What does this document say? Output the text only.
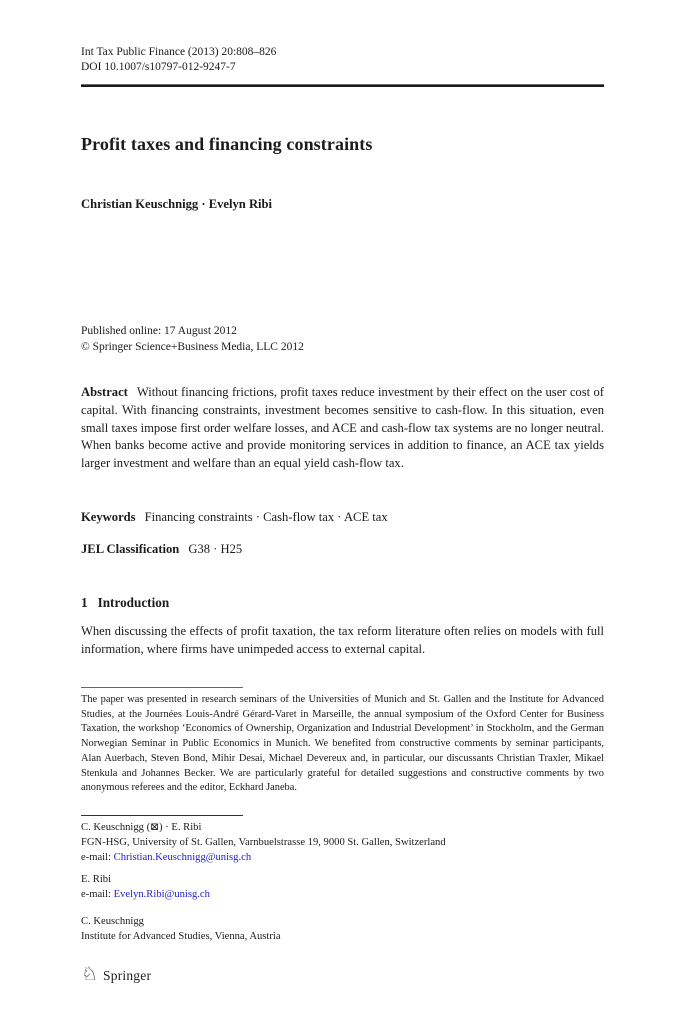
Int Tax Public Finance (2013) 20:808–826
DOI 10.1007/s10797-012-9247-7
Profit taxes and financing constraints
Christian Keuschnigg · Evelyn Ribi
Published online: 17 August 2012
© Springer Science+Business Media, LLC 2012

Abstract Without financing frictions, profit taxes reduce investment by their effect on the user cost of capital. With financing constraints, investment becomes sensitive to cash-flow. In this situation, even small taxes impose first order welfare losses, and ACE and cash-flow tax systems are no longer neutral. When banks become active and provide monitoring services in addition to finance, an ACE tax yields larger investment and welfare than an equal yield cash-flow tax.

Keywords Financing constraints · Cash-flow tax · ACE tax

JEL Classification G38 · H25

1 Introduction

When discussing the effects of profit taxation, the tax reform literature often relies on models with full information, where firms have unimpeded access to external capital.

The paper was presented in research seminars of the Universities of Munich and St. Gallen and the Institute for Advanced Studies, at the Journées Louis-André Gérard-Varet in Marseille, the annual symposium of the Oxford Center for Business Taxation, the workshop ‘Economics of Ownership, Organization and Industrial Development’ in Stockholm, and the German Norwegian Seminar in Public Economics in Munich. We benefited from constructive comments by seminar participants, Alan Auerbach, Steven Bond, Mihir Desai, Michael Devereux and, in particular, our discussants Christian Traxler, Mikael Stenkula and Johannes Becker. We are particularly grateful for detailed suggestions and constructive comments by two anonymous referees and the editor, Eckhard Janeba.

C. Keuschnigg (⊠) · E. Ribi
FGN-HSG, University of St. Gallen, Varnbuelstrasse 19, 9000 St. Gallen, Switzerland
e-mail: Christian.Keuschnigg@unisg.ch
E. Ribi
e-mail: Evelyn.Ribi@unisg.ch
C. Keuschnigg
Institute for Advanced Studies, Vienna, Austria
♘ Springer
